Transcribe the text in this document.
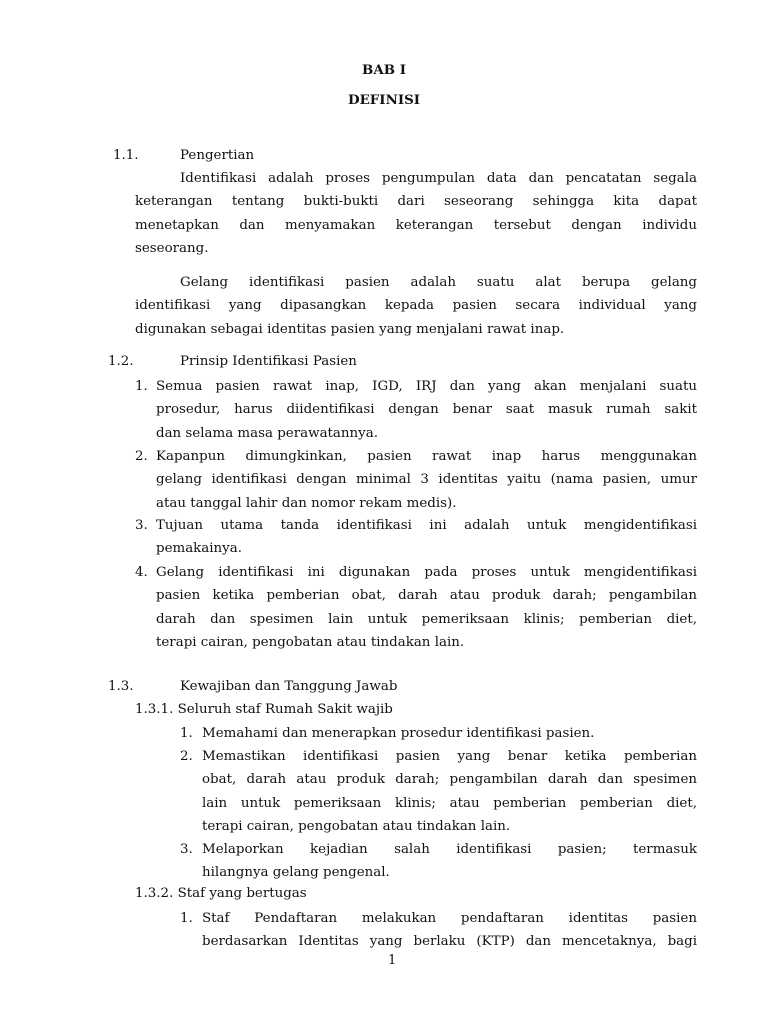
BAB I
DEFINISI
1.1.	Pengertian
Identifikasi adalah proses pengumpulan data dan pencatatan segala
keterangan tentang bukti-bukti dari seseorang sehingga kita dapat
menetapkan dan menyamakan keterangan tersebut dengan individu
seseorang.
Gelang identifikasi pasien adalah suatu alat berupa gelang
identifikasi yang dipasangkan kepada pasien secara individual yang
digunakan sebagai identitas pasien yang menjalani rawat inap.
1.2.	Prinsip Identifikasi Pasien
1. Semua pasien rawat inap, IGD, IRJ dan yang akan menjalani suatu
prosedur, harus diidentifikasi dengan benar saat masuk rumah sakit
dan selama masa perawatannya.
2. Kapanpun dimungkinkan, pasien rawat inap harus menggunakan
gelang identifikasi dengan minimal 3 identitas yaitu (nama pasien, umur
atau tanggal lahir dan nomor rekam medis).
3. Tujuan utama tanda identifikasi ini adalah untuk mengidentifikasi
pemakainya.
4. Gelang identifikasi ini digunakan pada proses untuk mengidentifikasi
pasien ketika pemberian obat, darah atau produk darah; pengambilan
darah dan spesimen lain untuk pemeriksaan klinis; pemberian diet,
terapi cairan, pengobatan atau tindakan lain.
1.3.	Kewajiban dan Tanggung Jawab
1.3.1. Seluruh staf Rumah Sakit wajib
1. Memahami dan menerapkan prosedur identifikasi pasien.
2. Memastikan identifikasi pasien yang benar ketika pemberian
obat, darah atau produk darah; pengambilan darah dan spesimen
lain untuk pemeriksaan klinis; atau pemberian pemberian diet,
terapi cairan, pengobatan atau tindakan lain.
3. Melaporkan kejadian salah identifikasi pasien; termasuk
hilangnya gelang pengenal.
1.3.2. Staf yang bertugas
1. Staf Pendaftaran melakukan pendaftaran identitas pasien
berdasarkan Identitas yang berlaku (KTP) dan mencetaknya, bagi
1
